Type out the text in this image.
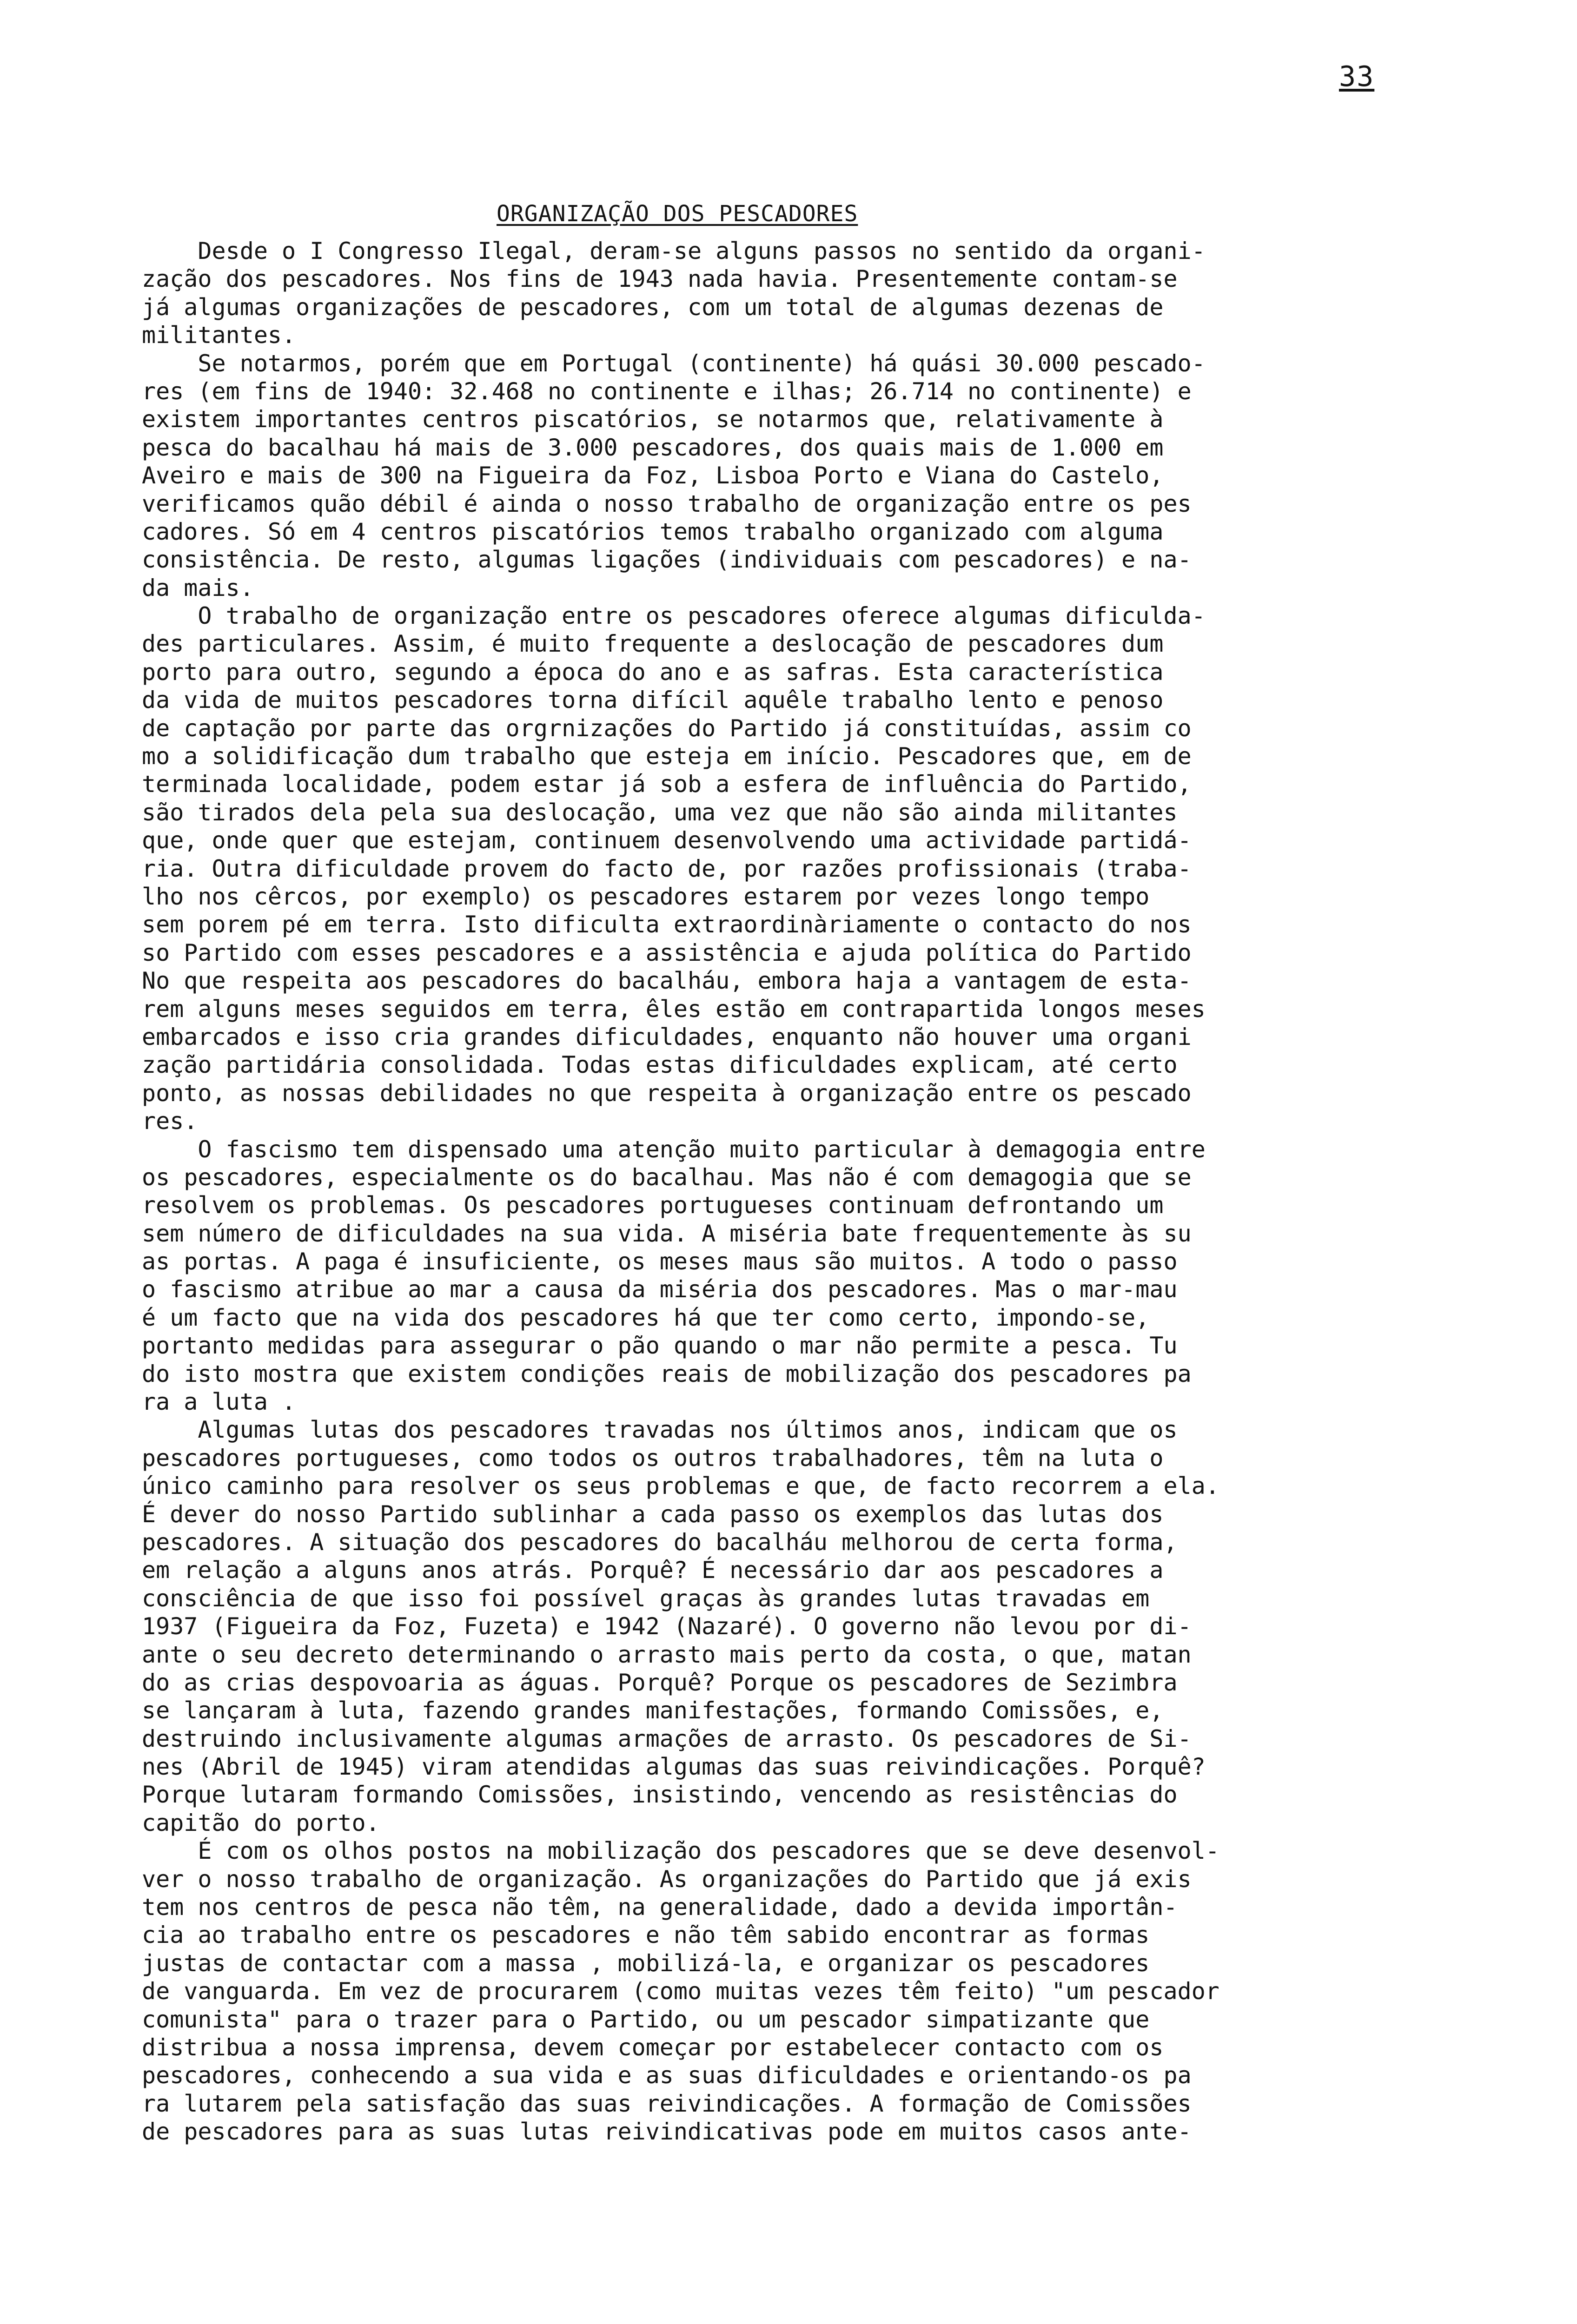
33
ORGANIZAÇÃO DOS PESCADORES
Desde o I Congresso Ilegal, deram-se alguns passos no sentido da organi-
zação dos pescadores. Nos fins de 1943 nada havia. Presentemente contam-se
já algumas organizações de pescadores, com um total de algumas dezenas de
militantes.
Se notarmos, porém que em Portugal (continente) há quási 30.000 pescado-
res (em fins de 1940: 32.468 no continente e ilhas; 26.714 no continente) e
existem importantes centros piscatórios, se notarmos que, relativamente à
pesca do bacalhau há mais de 3.000 pescadores, dos quais mais de 1.000 em
Aveiro e mais de 300 na Figueira da Foz, Lisboa Porto e Viana do Castelo,
verificamos quão débil é ainda o nosso trabalho de organização entre os pes
cadores. Só em 4 centros piscatórios temos trabalho organizado com alguma
consistência. De resto, algumas ligações (individuais com pescadores) e na-
da mais.
O trabalho de organização entre os pescadores oferece algumas dificulda-
des particulares. Assim, é muito frequente a deslocação de pescadores dum
porto para outro, segundo a época do ano e as safras. Esta característica
da vida de muitos pescadores torna difícil aquêle trabalho lento e penoso
de captação por parte das orgrnizações do Partido já constituídas, assim co
mo a solidificação dum trabalho que esteja em início. Pescadores que, em de
terminada localidade, podem estar já sob a esfera de influência do Partido,
são tirados dela pela sua deslocação, uma vez que não são ainda militantes
que, onde quer que estejam, continuem desenvolvendo uma actividade partidá-
ria. Outra dificuldade provem do facto de, por razões profissionais (traba-
lho nos cêrcos, por exemplo) os pescadores estarem por vezes longo tempo
sem porem pé em terra. Isto dificulta extraordinàriamente o contacto do nos
so Partido com esses pescadores e a assistência e ajuda política do Partido
No que respeita aos pescadores do bacalháu, embora haja a vantagem de esta-
rem alguns meses seguidos em terra, êles estão em contrapartida longos meses
embarcados e isso cria grandes dificuldades, enquanto não houver uma organi
zação partidária consolidada. Todas estas dificuldades explicam, até certo
ponto, as nossas debilidades no que respeita à organização entre os pescado
res.
O fascismo tem dispensado uma atenção muito particular à demagogia entre
os pescadores, especialmente os do bacalhau. Mas não é com demagogia que se
resolvem os problemas. Os pescadores portugueses continuam defrontando um
sem número de dificuldades na sua vida. A miséria bate frequentemente às su
as portas. A paga é insuficiente, os meses maus são muitos. A todo o passo
o fascismo atribue ao mar a causa da miséria dos pescadores. Mas o mar-mau
é um facto que na vida dos pescadores há que ter como certo, impondo-se,
portanto medidas para assegurar o pão quando o mar não permite a pesca. Tu
do isto mostra que existem condições reais de mobilização dos pescadores pa
ra a luta .
Algumas lutas dos pescadores travadas nos últimos anos, indicam que os
pescadores portugueses, como todos os outros trabalhadores, têm na luta o
único caminho para resolver os seus problemas e que, de facto recorrem a ela.
É dever do nosso Partido sublinhar a cada passo os exemplos das lutas dos
pescadores. A situação dos pescadores do bacalháu melhorou de certa forma,
em relação a alguns anos atrás. Porquê? É necessário dar aos pescadores a
consciência de que isso foi possível graças às grandes lutas travadas em
1937 (Figueira da Foz, Fuzeta) e 1942 (Nazaré). O governo não levou por di-
ante o seu decreto determinando o arrasto mais perto da costa, o que, matan
do as crias despovoaria as águas. Porquê? Porque os pescadores de Sezimbra
se lançaram à luta, fazendo grandes manifestações, formando Comissões, e,
destruindo inclusivamente algumas armações de arrasto. Os pescadores de Si-
nes (Abril de 1945) viram atendidas algumas das suas reivindicações. Porquê?
Porque lutaram formando Comissões, insistindo, vencendo as resistências do
capitão do porto.
É com os olhos postos na mobilização dos pescadores que se deve desenvol-
ver o nosso trabalho de organização. As organizações do Partido que já exis
tem nos centros de pesca não têm, na generalidade, dado a devida importân-
cia ao trabalho entre os pescadores e não têm sabido encontrar as formas
justas de contactar com a massa , mobilizá-la, e organizar os pescadores
de vanguarda. Em vez de procurarem (como muitas vezes têm feito) "um pescador
comunista" para o trazer para o Partido, ou um pescador simpatizante que
distribua a nossa imprensa, devem começar por estabelecer contacto com os
pescadores, conhecendo a sua vida e as suas dificuldades e orientando-os pa
ra lutarem pela satisfação das suas reivindicações. A formação de Comissões
de pescadores para as suas lutas reivindicativas pode em muitos casos ante-
